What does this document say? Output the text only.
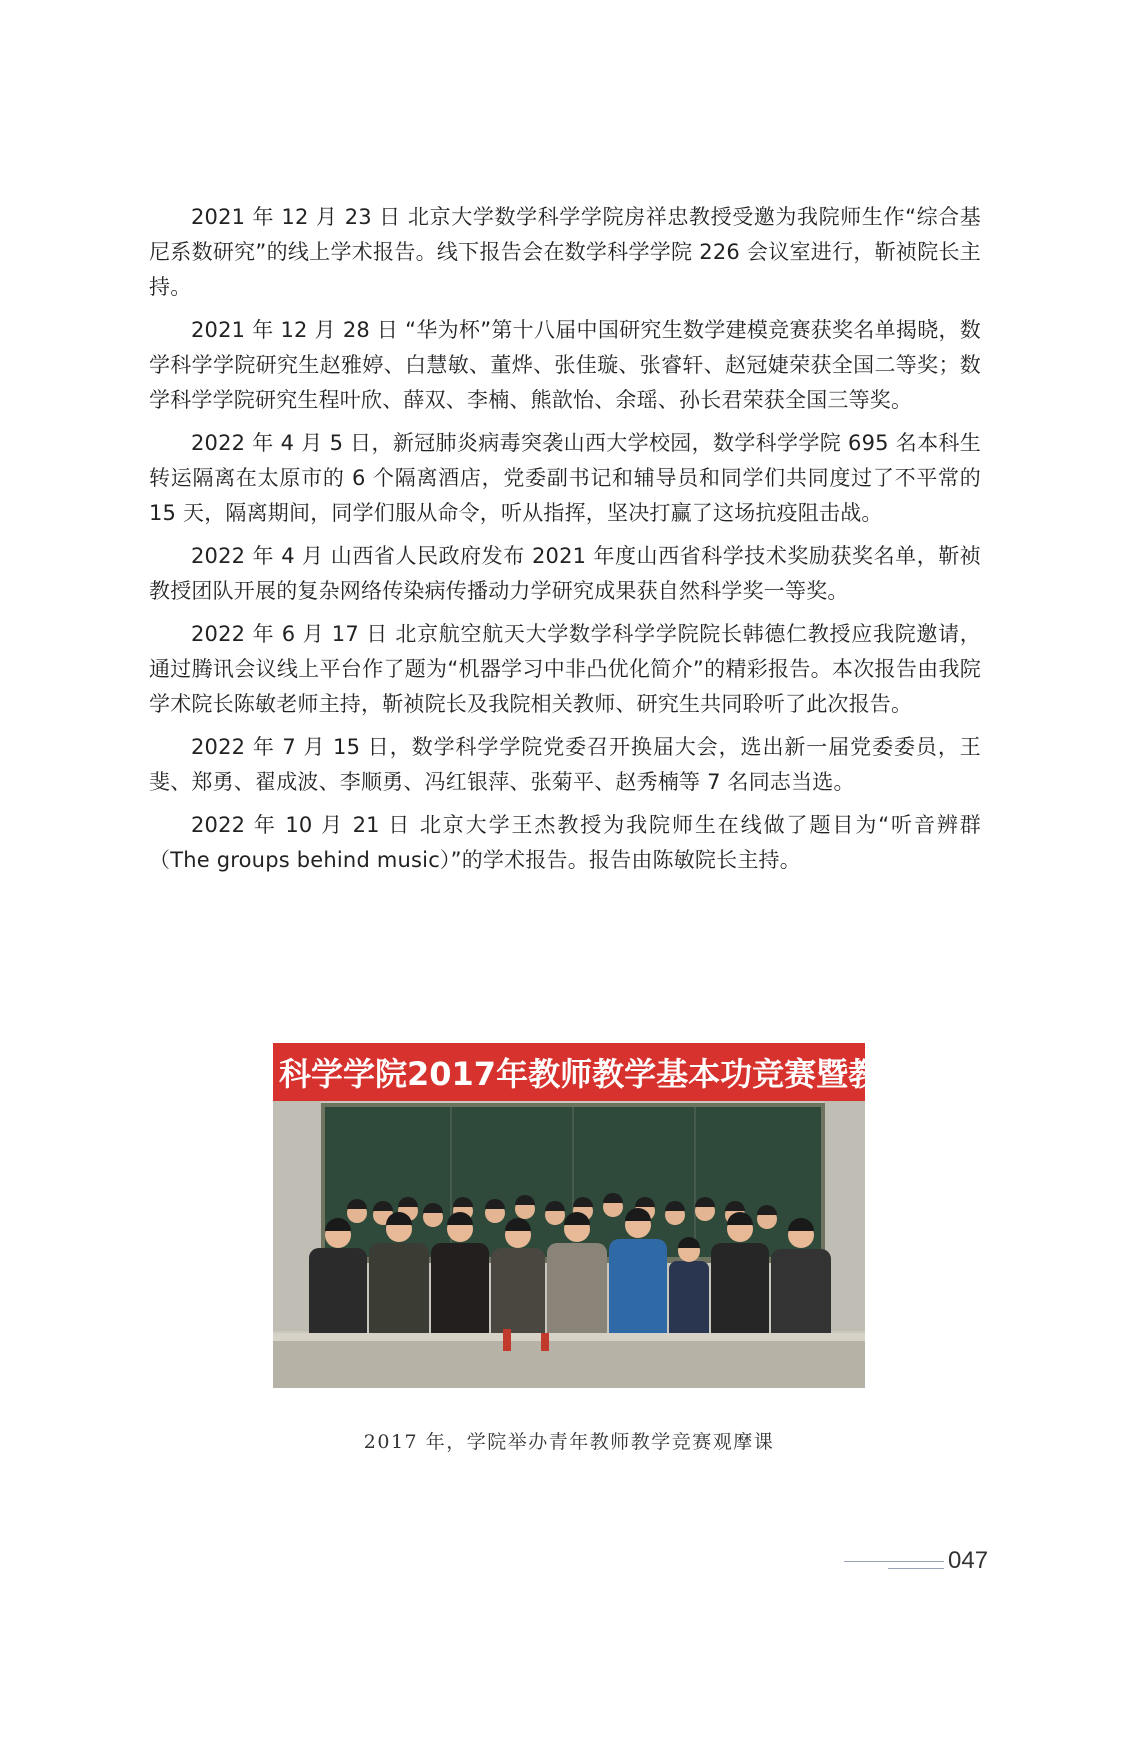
2021 年 12 月 23 日 北京大学数学科学学院房祥忠教授受邀为我院师生作“综合基尼系数研究”的线上学术报告。线下报告会在数学科学学院 226 会议室进行，靳祯院长主持。

2021 年 12 月 28 日 “华为杯”第十八届中国研究生数学建模竞赛获奖名单揭晓，数学科学学院研究生赵雅婷、白慧敏、董烨、张佳璇、张睿轩、赵冠婕荣获全国二等奖；数学科学学院研究生程叶欣、薛双、李楠、熊歆怡、余瑶、孙长君荣获全国三等奖。

2022 年 4 月 5 日，新冠肺炎病毒突袭山西大学校园，数学科学学院 695 名本科生转运隔离在太原市的 6 个隔离酒店，党委副书记和辅导员和同学们共同度过了不平常的 15 天，隔离期间，同学们服从命令，听从指挥，坚决打赢了这场抗疫阻击战。

2022 年 4 月 山西省人民政府发布 2021 年度山西省科学技术奖励获奖名单，靳祯教授团队开展的复杂网络传染病传播动力学研究成果获自然科学奖一等奖。

2022 年 6 月 17 日 北京航空航天大学数学科学学院院长韩德仁教授应我院邀请，通过腾讯会议线上平台作了题为“机器学习中非凸优化简介”的精彩报告。本次报告由我院学术院长陈敏老师主持，靳祯院长及我院相关教师、研究生共同聆听了此次报告。

2022 年 7 月 15 日，数学科学学院党委召开换届大会，选出新一届党委委员，王斐、郑勇、翟成波、李顺勇、冯红银萍、张菊平、赵秀楠等 7 名同志当选。

2022 年 10 月 21 日 北京大学王杰教授为我院师生在线做了题目为“听音辨群（The groups behind music）”的学术报告。报告由陈敏院长主持。

科学学院2017年教师教学基本功竞赛暨教学观摩
2017 年，学院举办青年教师教学竞赛观摩课
047
